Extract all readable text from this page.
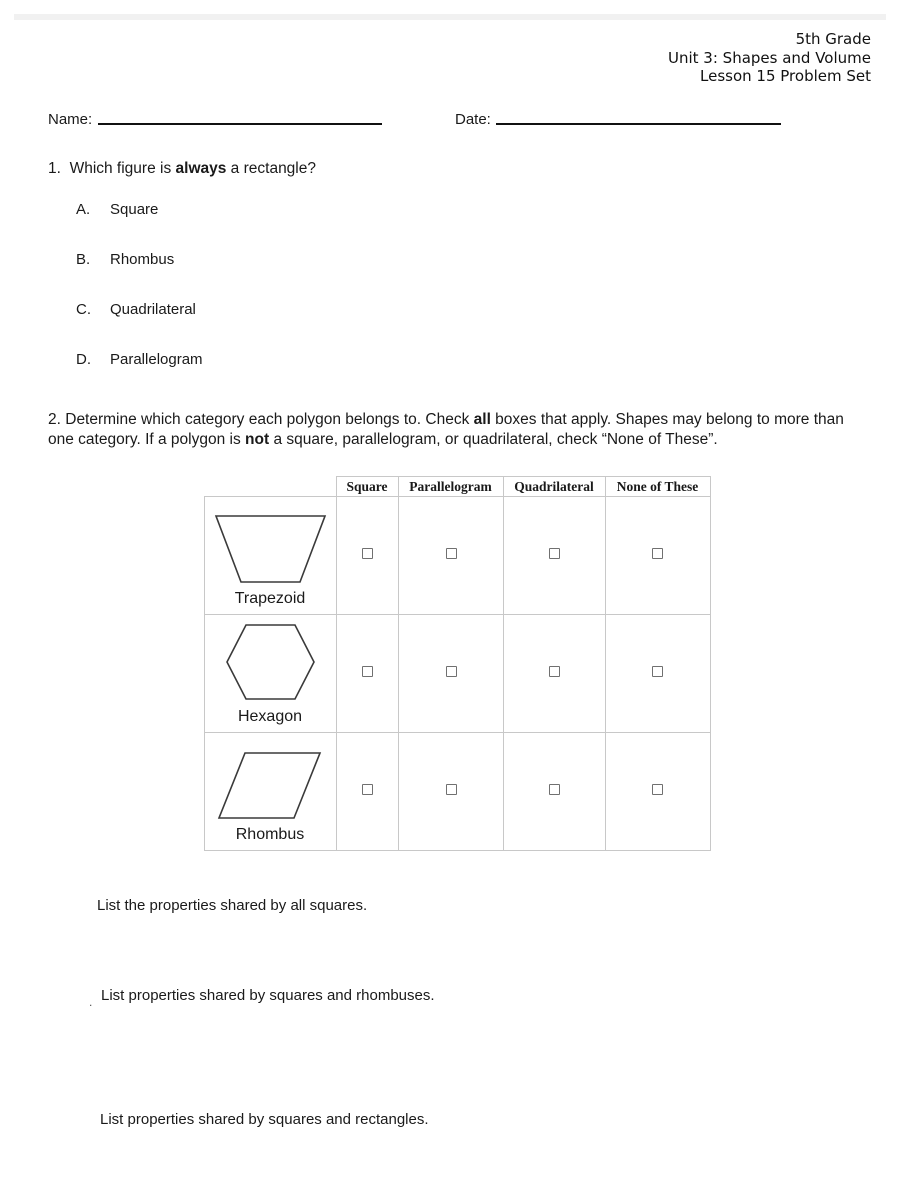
5th Grade
Unit 3: Shapes and Volume
Lesson 15 Problem Set
Name:	Date:
1. Which figure is always a rectangle?
A. Square
B. Rhombus
C. Quadrilateral
D. Parallelogram
2. Determine which category each polygon belongs to. Check all boxes that apply. Shapes may belong to more than one category. If a polygon is not a square, parallelogram, or quadrilateral, check “None of These”.
Square	Parallelogram	Quadrilateral	None of These
Trapezoid
Hexagon
Rhombus
List the properties shared by all squares.
. List properties shared by squares and rhombuses.
List properties shared by squares and rectangles.
